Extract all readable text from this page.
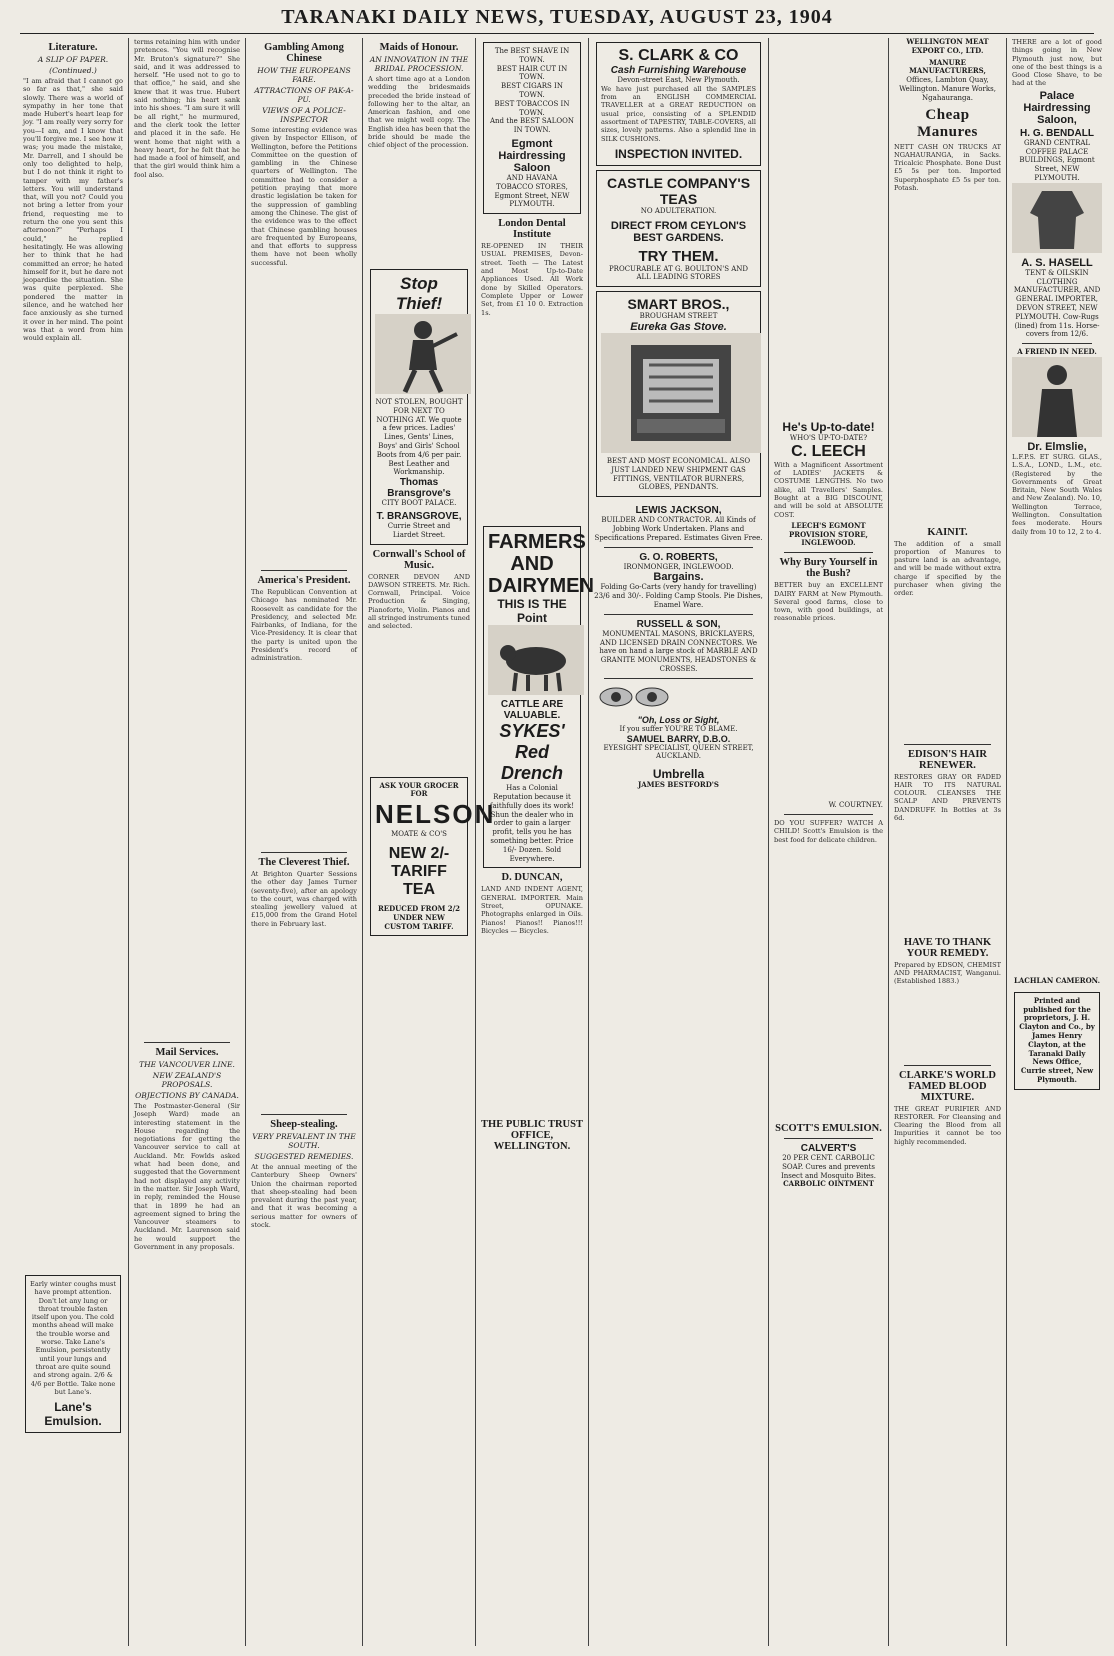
TARANAKI DAILY NEWS, TUESDAY, AUGUST 23, 1904
Literature.
A SLIP OF PAPER.
(Continued.)
"I am afraid that I cannot go so far as that," she said slowly. There was a world of sympathy in her tone that made Hubert's heart leap for joy. "I am really very sorry for you—I am, and I know that you'll forgive me. I see how it was; you made the mistake, Mr. Darrell, and I should be only too delighted to help, but I do not think it right to tamper with my father's letters. You will understand that, will you not? Could you not bring a letter from your friend, requesting me to return the one you sent this afternoon?" "Perhaps I could," he replied hesitatingly. He was allowing her to think that he had committed an error; he hated himself for it, but he dare not jeopardise the situation. She was quite perplexed. She pondered the matter in silence, and he watched her face anxiously as she turned it over in her mind. The point was that a word from him would explain all.
Early winter coughs must have prompt attention. Don't let any lung or throat trouble fasten itself upon you. The cold months ahead will make the trouble worse and worse. Take Lane's Emulsion, persistently until your lungs and throat are quite sound and strong again. 2/6 & 4/6 per Bottle. Take none but Lane's.
Lane's Emulsion.
terms retaining him with under pretences. "You will recognise Mr. Bruton's signature?" She said, and it was addressed to herself. "He used not to go to that office," he said, and she knew that it was true. Hubert said nothing; his heart sank into his shoes. "I am sure it will be all right," he murmured, and the clerk took the letter and placed it in the safe. He went home that night with a heavy heart, for he felt that he had made a fool of himself, and that the girl would think him a fool also.
Mail Services.
THE VANCOUVER LINE.
NEW ZEALAND'S PROPOSALS.
OBJECTIONS BY CANADA.
The Postmaster-General (Sir Joseph Ward) made an interesting statement in the House regarding the negotiations for getting the Vancouver service to call at Auckland. Mr. Fowlds asked what had been done, and suggested that the Government had not displayed any activity in the matter. Sir Joseph Ward, in reply, reminded the House that in 1899 he had an agreement signed to bring the Vancouver steamers to Auckland. Mr. Laurenson said he would support the Government in any proposals.
Gambling Among Chinese
HOW THE EUROPEANS FARE.
ATTRACTIONS OF PAK-A-PU.
VIEWS OF A POLICE-INSPECTOR
Some interesting evidence was given by Inspector Ellison, of Wellington, before the Petitions Committee on the question of gambling in the Chinese quarters of Wellington. The committee had to consider a petition praying that more drastic legislation be taken for the suppression of gambling among the Chinese. The gist of the evidence was to the effect that Chinese gambling houses are frequented by Europeans, and that efforts to suppress them have not been wholly successful.
America's President.
The Republican Convention at Chicago has nominated Mr. Roosevelt as candidate for the Presidency, and selected Mr. Fairbanks, of Indiana, for the Vice-Presidency. It is clear that the party is united upon the President's record of administration.
The Cleverest Thief.
At Brighton Quarter Sessions the other day James Turner (seventy-five), after an apology to the court, was charged with stealing jewellery valued at £15,000 from the Grand Hotel there in February last.
Sheep-stealing.
VERY PREVALENT IN THE SOUTH.
SUGGESTED REMEDIES.
At the annual meeting of the Canterbury Sheep Owners' Union the chairman reported that sheep-stealing had been prevalent during the past year, and that it was becoming a serious matter for owners of stock.
Maids of Honour.
AN INNOVATION IN THE BRIDAL PROCESSION.
A short time ago at a London wedding the bridesmaids preceded the bride instead of following her to the altar, an American fashion, and one that we might well copy. The English idea has been that the bride should be made the chief object of the procession.
Stop Thief!
NOT STOLEN, BOUGHT FOR NEXT TO NOTHING AT. We quote a few prices. Ladies' Lines, Gents' Lines, Boys' and Girls' School Boots from 4/6 per pair. Best Leather and Workmanship.
Thomas Bransgrove's
CITY BOOT PALACE.
T. BRANSGROVE,
Currie Street and Liardet Street.
Cornwall's School of Music.
CORNER DEVON AND DAWSON STREETS. Mr. Rich. Cornwall, Principal. Voice Production & Singing, Pianoforte, Violin. Pianos and all stringed instruments tuned and selected.
ASK YOUR GROCER FOR
NELSON
MOATE & CO'S
NEW 2/- TARIFF TEA
REDUCED FROM 2/2 UNDER NEW CUSTOM TARIFF.
The BEST SHAVE IN TOWN.
BEST HAIR CUT IN TOWN.
BEST CIGARS IN TOWN.
BEST TOBACCOS IN TOWN.
And the BEST SALOON IN TOWN.
Egmont Hairdressing Saloon
AND HAVANA TOBACCO STORES, Egmont Street, NEW PLYMOUTH.
London Dental Institute
RE-OPENED IN THEIR USUAL PREMISES, Devon-street. Teeth — The Latest and Most Up-to-Date Appliances Used. All Work done by Skilled Operators. Complete Upper or Lower Set, from £1 10 0. Extraction 1s.
FARMERS AND DAIRYMEN
THIS IS THE Point
CATTLE ARE VALUABLE.
SYKES' Red Drench
Has a Colonial Reputation because it faithfully does its work! Shun the dealer who in order to gain a larger profit, tells you he has something better. Price 16/- Dozen. Sold Everywhere.
D. DUNCAN,
LAND AND INDENT AGENT, GENERAL IMPORTER. Main Street, OPUNAKE. Photographs enlarged in Oils. Pianos! Pianos!! Pianos!!! Bicycles — Bicycles.
THE PUBLIC TRUST OFFICE, WELLINGTON.
S. CLARK & CO
Cash Furnishing Warehouse
Devon-street East, New Plymouth.
We have just purchased all the SAMPLES from an ENGLISH COMMERCIAL TRAVELLER at a GREAT REDUCTION on usual price, consisting of a SPLENDID assortment of TAPESTRY, TABLE-COVERS, all sizes, lovely patterns. Also a splendid line in SILK CUSHIONS.
INSPECTION INVITED.
CASTLE COMPANY'S TEAS
NO ADULTERATION.
DIRECT FROM CEYLON'S BEST GARDENS.
TRY THEM.
PROCURABLE AT G. BOULTON'S AND ALL LEADING STORES
SMART BROS.,
BROUGHAM STREET
Eureka Gas Stove.
BEST AND MOST ECONOMICAL. ALSO JUST LANDED NEW SHIPMENT GAS FITTINGS, VENTILATOR BURNERS, GLOBES, PENDANTS.
LEWIS JACKSON,
BUILDER AND CONTRACTOR. All Kinds of Jobbing Work Undertaken. Plans and Specifications Prepared. Estimates Given Free.
G. O. ROBERTS,
IRONMONGER, INGLEWOOD.
Bargains.
Folding Go-Carts (very handy for travelling) 23/6 and 30/-. Folding Camp Stools. Pie Dishes, Enamel Ware.
RUSSELL & SON,
MONUMENTAL MASONS, BRICKLAYERS, AND LICENSED DRAIN CONNECTORS. We have on hand a large stock of MARBLE AND GRANITE MONUMENTS, HEADSTONES & CROSSES.
"Oh, Loss or Sight,
If you suffer YOU'RE TO BLAME.
SAMUEL BARRY, D.B.O.
EYESIGHT SPECIALIST, QUEEN STREET, AUCKLAND.
Umbrella
JAMES BESTFORD'S
He's Up-to-date!
WHO'S UP-TO-DATE?
C. LEECH
With a Magnificent Assortment of LADIES' JACKETS & COSTUME LENGTHS. No two alike, all Travellers' Samples. Bought at a BIG DISCOUNT, and will be sold at ABSOLUTE COST.
LEECH'S EGMONT PROVISION STORE, INGLEWOOD.
Why Bury Yourself in the Bush?
BETTER buy an EXCELLENT DAIRY FARM at New Plymouth. Several good farms, close to town, with good buildings, at reasonable prices.
W. COURTNEY.
DO YOU SUFFER? WATCH A CHILD! Scott's Emulsion is the best food for delicate children.
SCOTT'S EMULSION.
CALVERT'S
20 PER CENT. CARBOLIC SOAP. Cures and prevents Insect and Mosquito Bites.
CARBOLIC OINTMENT
WELLINGTON MEAT EXPORT CO., LTD.
MANURE MANUFACTURERS,
Offices, Lambton Quay, Wellington. Manure Works, Ngahauranga.
Cheap Manures
NETT CASH ON TRUCKS AT NGAHAURANGA, in Sacks. Tricalcic Phosphate. Bone Dust £5 5s per ton. Imported Superphosphate £5 5s per ton. Potash.
KAINIT.
The addition of a small proportion of Manures to pasture land is an advantage, and will be made without extra charge if specified by the purchaser when giving the order.
EDISON'S HAIR RENEWER.
RESTORES GRAY OR FADED HAIR TO ITS NATURAL COLOUR. CLEANSES THE SCALP AND PREVENTS DANDRUFF. In Bottles at 3s 6d.
HAVE TO THANK YOUR REMEDY.
Prepared by EDSON, CHEMIST AND PHARMACIST, Wanganui. (Established 1883.)
CLARKE'S WORLD FAMED BLOOD MIXTURE.
THE GREAT PURIFIER AND RESTORER. For Cleansing and Clearing the Blood from all Impurities it cannot be too highly recommended.
THERE are a lot of good things going in New Plymouth just now, but one of the best things is a Good Close Shave, to be had at the
Palace Hairdressing Saloon,
H. G. BENDALL
GRAND CENTRAL COFFEE PALACE BUILDINGS, Egmont Street, NEW PLYMOUTH.
A. S. HASELL
TENT & OILSKIN CLOTHING MANUFACTURER, AND GENERAL IMPORTER, DEVON STREET, NEW PLYMOUTH. Cow-Rugs (lined) from 11s. Horse-covers from 12/6.
A FRIEND IN NEED.
Dr. Elmslie,
L.F.P.S. ET SURG. GLAS., L.S.A., LOND., L.M., etc. (Registered by the Governments of Great Britain, New South Wales and New Zealand). No. 10, Wellington Terrace, Wellington. Consultation fees moderate. Hours daily from 10 to 12, 2 to 4.
LACHLAN CAMERON.
Printed and published for the proprietors, J. H. Clayton and Co., by James Henry Clayton, at the Taranaki Daily News Office, Currie street, New Plymouth.
